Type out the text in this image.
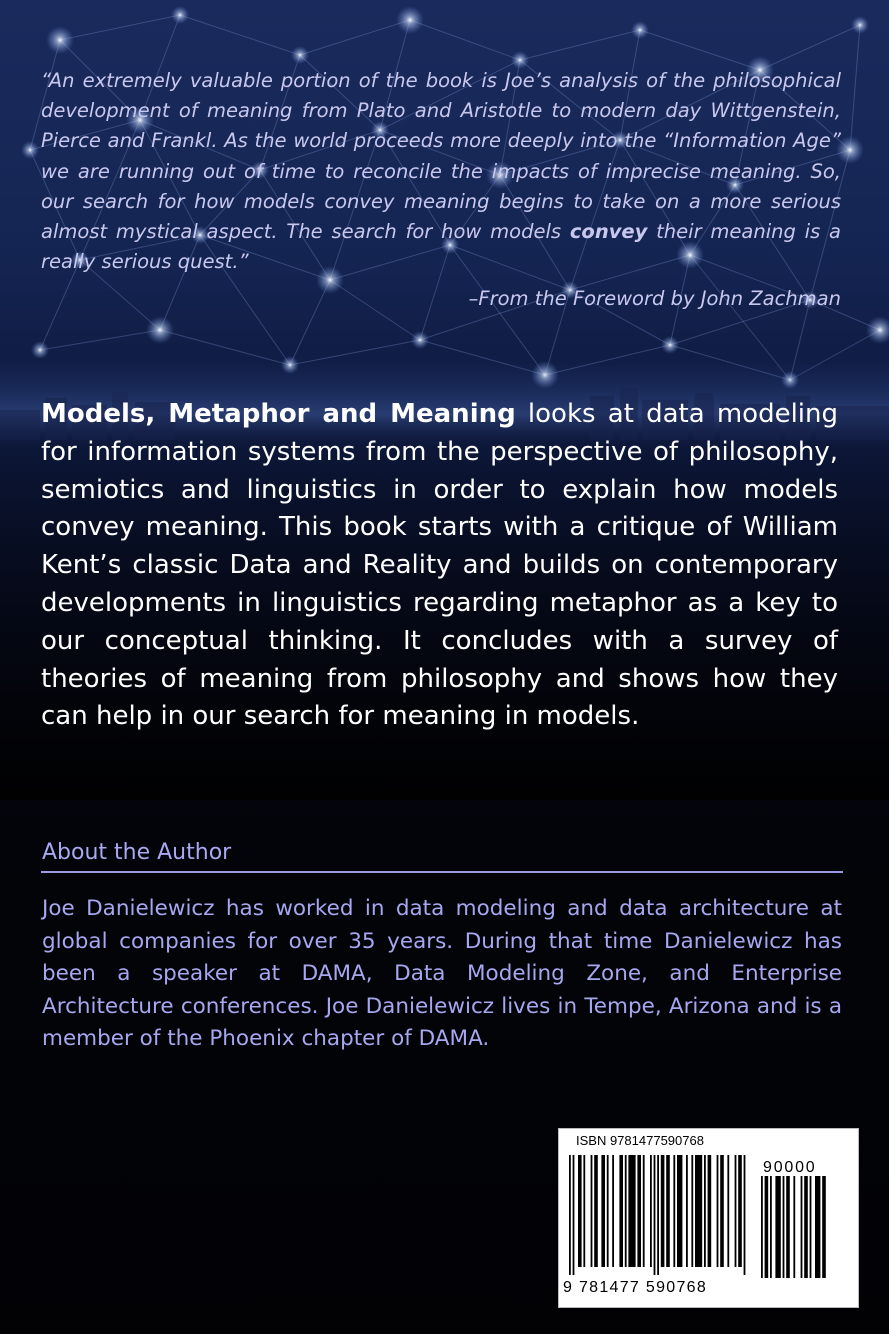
“An extremely valuable portion of the book is Joe’s analysis of the philosophical development of meaning from Plato and Aristotle to modern day Wittgenstein, Pierce and Frankl. As the world proceeds more deeply into the “Information Age” we are running out of time to reconcile the impacts of imprecise meaning. So, our search for how models convey meaning begins to take on a more serious almost mystical aspect. The search for how models convey their meaning is a really serious quest.”

–From the Foreword by John Zachman

Models, Metaphor and Meaning looks at data modeling for information systems from the perspective of philosophy, semiotics and linguistics in order to explain how models convey meaning. This book starts with a critique of William Kent’s classic Data and Reality and builds on contemporary developments in linguistics regarding metaphor as a key to our conceptual thinking. It concludes with a survey of theories of meaning from philosophy and shows how they can help in our search for meaning in models.

About the Author

Joe Danielewicz has worked in data modeling and data architecture at global companies for over 35 years. During that time Danielewicz has been a speaker at DAMA, Data Modeling Zone, and Enterprise Architecture conferences. Joe Danielewicz lives in Tempe, Arizona and is a member of the Phoenix chapter of DAMA.

ISBN 9781477590768
90000
9 781477 590768
